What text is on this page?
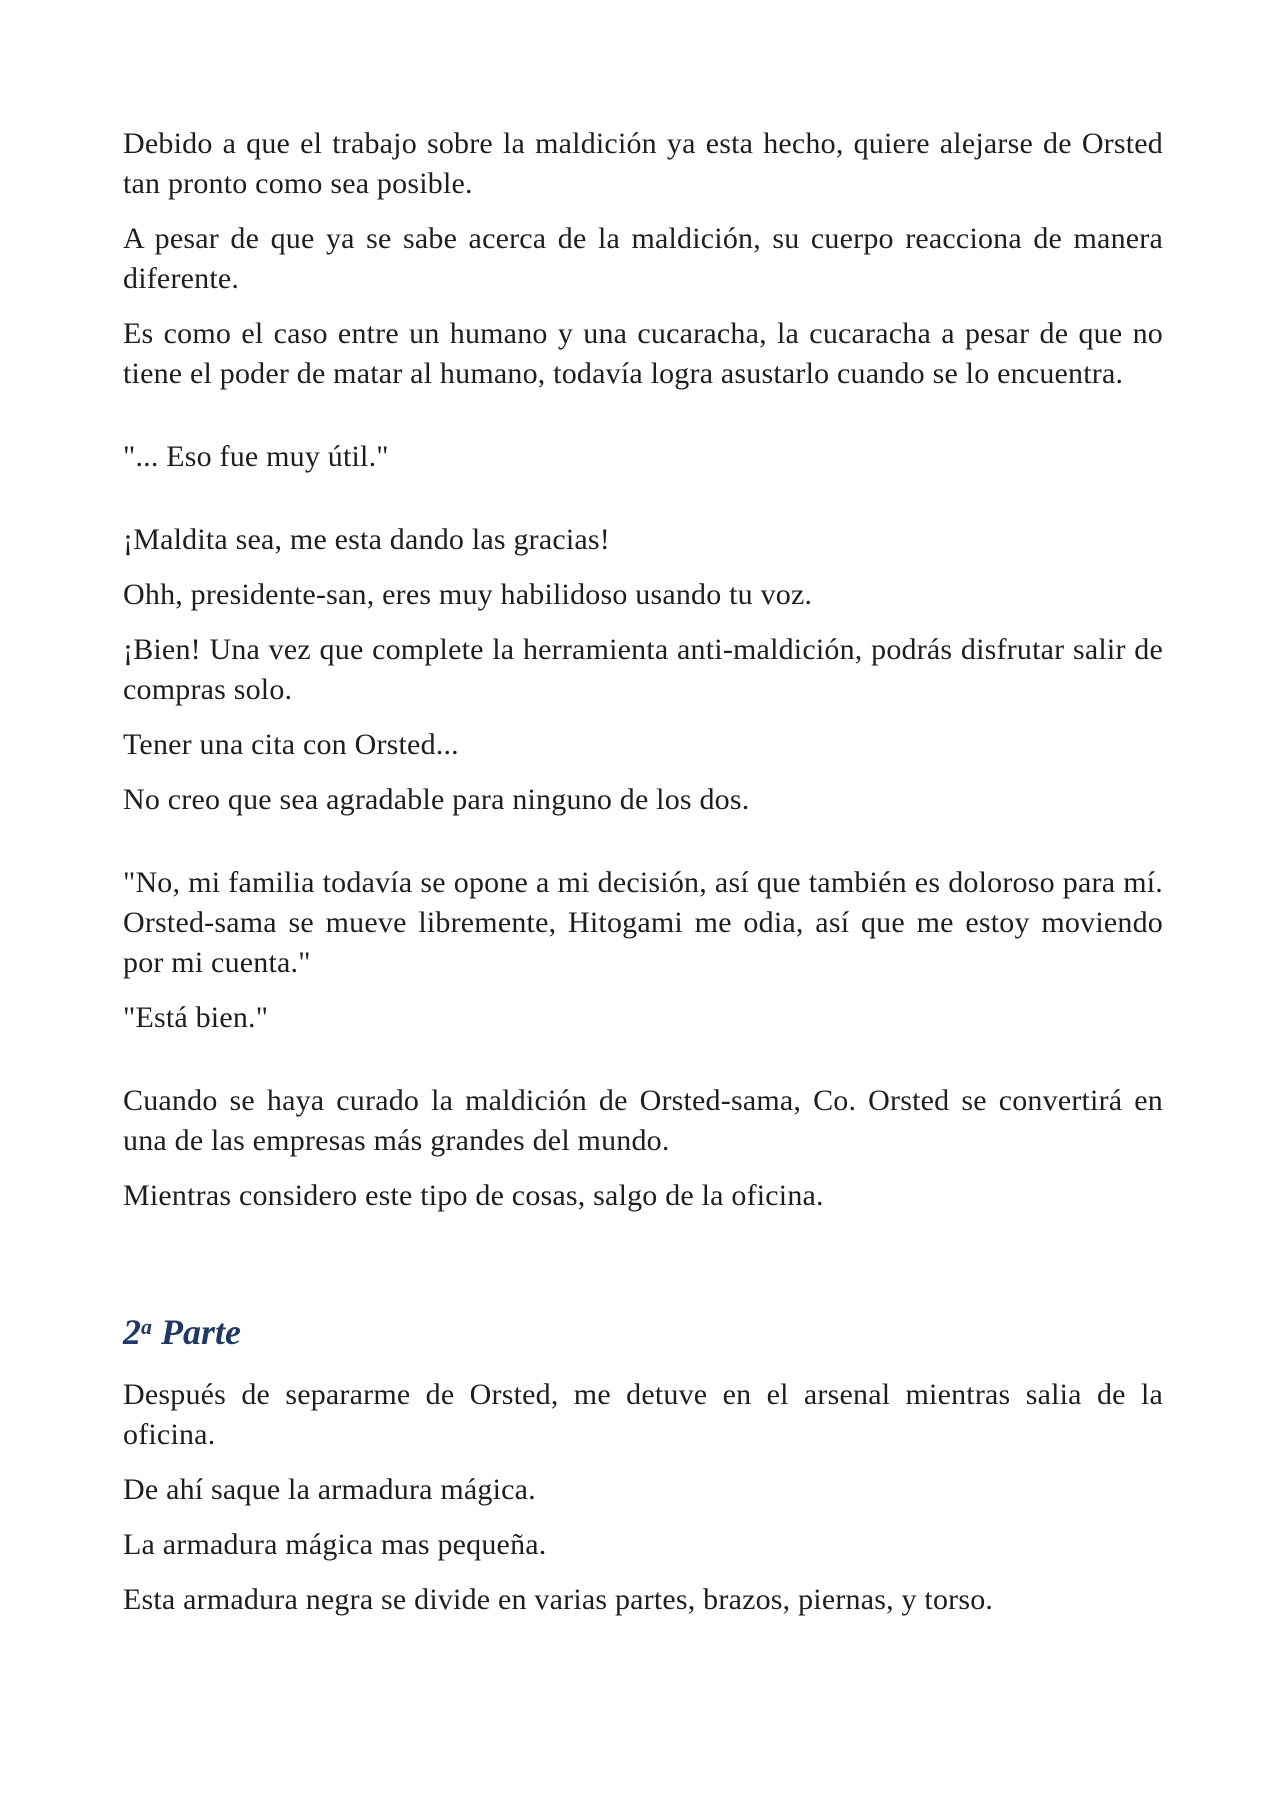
Debido a que el trabajo sobre la maldición ya esta hecho, quiere alejarse de Orsted tan pronto como sea posible.

A pesar de que ya se sabe acerca de la maldición, su cuerpo reacciona de manera diferente.

Es como el caso entre un humano y una cucaracha, la cucaracha a pesar de que no tiene el poder de matar al humano, todavía logra asustarlo cuando se lo encuentra.

"... Eso fue muy útil."

¡Maldita sea, me esta dando las gracias!

Ohh, presidente-san, eres muy habilidoso usando tu voz.

¡Bien! Una vez que complete la herramienta anti-maldición, podrás disfrutar salir de compras solo.

Tener una cita con Orsted...

No creo que sea agradable para ninguno de los dos.

"No, mi familia todavía se opone a mi decisión, así que también es doloroso para mí. Orsted-sama se mueve libremente, Hitogami me odia, así que me estoy moviendo por mi cuenta."

"Está bien."

Cuando se haya curado la maldición de Orsted-sama, Co. Orsted se convertirá en una de las empresas más grandes del mundo.

Mientras considero este tipo de cosas, salgo de la oficina.

2$^a$ Parte

Después de separarme de Orsted, me detuve en el arsenal mientras salia de la oficina.

De ahí saque la armadura mágica.

La armadura mágica mas pequeña.

Esta armadura negra se divide en varias partes, brazos, piernas, y torso.
